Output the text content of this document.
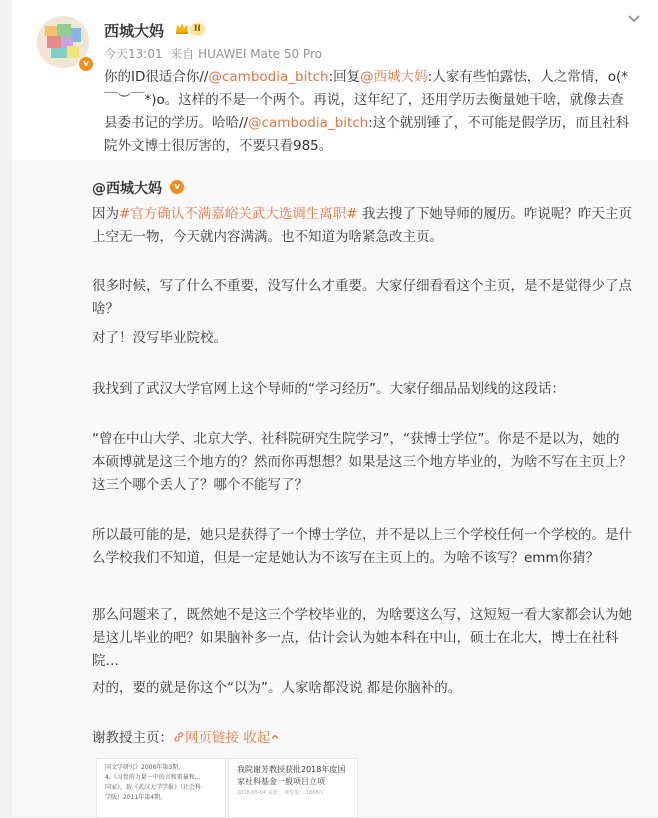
v
西城大妈	II
今天13:01 来自 HUAWEI Mate 50 Pro
你的ID很适合你//@cambodia_bitch:回复@西城大妈:人家有些怕露怯，人之常情，o(*￣︶￣*)o。这样的不是一个两个。再说，这年纪了，还用学历去衡量她干啥，就像去查县委书记的学历。哈哈//@cambodia_bitch:这个就别锤了，不可能是假学历，而且社科院外文博士很厉害的，不要只看985。
@西城大妈	v
因为#官方确认不满嘉峪关武大选调生离职# 我去搜了下她导师的履历。咋说呢？昨天主页上空无一物，今天就内容满满。也不知道为啥紧急改主页。
很多时候，写了什么不重要，没写什么才重要。大家仔细看看这个主页，是不是觉得少了点啥？
对了！没写毕业院校。
我找到了武汉大学官网上这个导师的“学习经历”。大家仔细品品划线的这段话：
“曾在中山大学、北京大学、社科院研究生院学习”，“获博士学位”。你是不是以为，她的本硕博就是这三个地方的？然而你再想想？如果是这三个地方毕业的，为啥不写在主页上？这三个哪个丢人了？哪个不能写了？
所以最可能的是，她只是获得了一个博士学位，并不是以上三个学校任何一个学校的。是什么学校我们不知道，但是一定是她认为不该写在主页上的。为啥不该写？emm你猜？
那么问题来了，既然她不是这三个学校毕业的，为啥要这么写，这短短一看大家都会认为她是这儿毕业的吧？如果脑补多一点，估计会认为她本科在中山，硕士在北大，博士在社科院…
对的，要的就是你这个“以为”。人家啥都没说 都是你脑补的。
谢教授主页： 网页链接 收起
国文学研究》2006年第3期。
4.《习骨的力量一中的言和雷暴和...
国家》，载《武汉大学学报》（社会科
学版）2011年第4期。
我院谢芳教授获批2018年度国家社科基金一般项目立项
2018-05-04 来源： 浏览量： 1866次
